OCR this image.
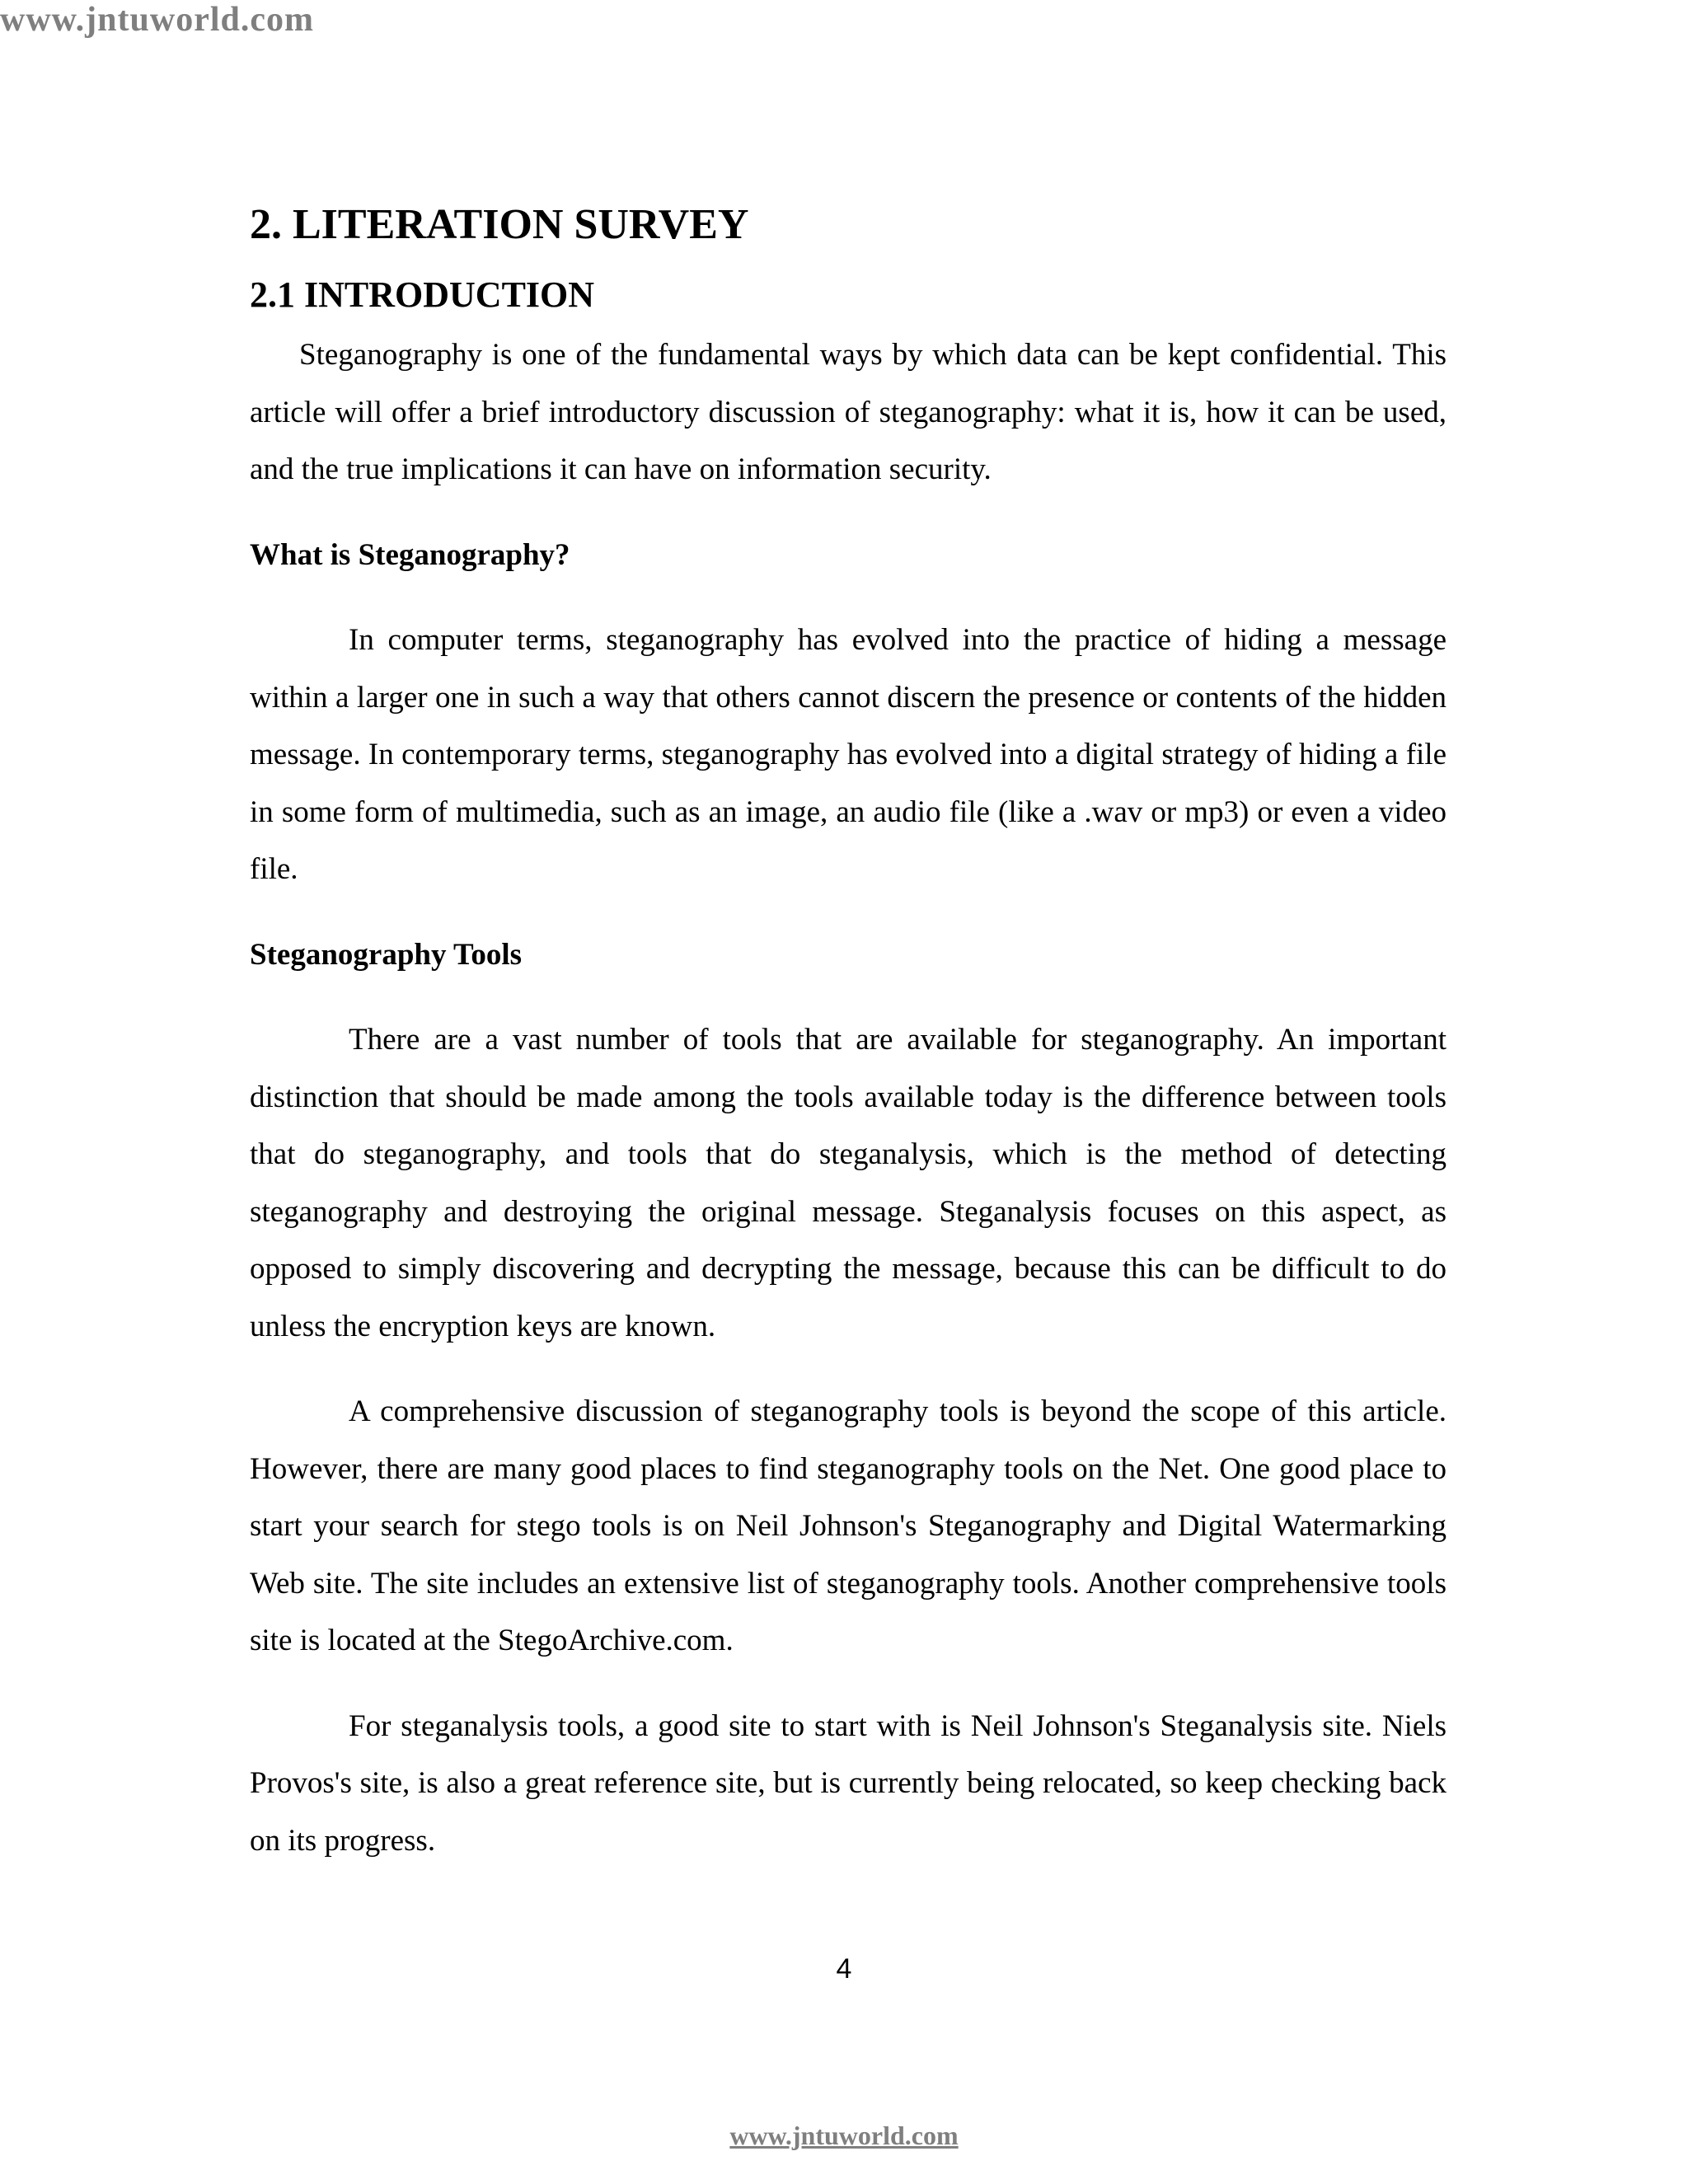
www.jntuworld.com
2. LITERATION SURVEY
2.1 INTRODUCTION

Steganography is one of the fundamental ways by which data can be kept confidential. This article will offer a brief introductory discussion of steganography: what it is, how it can be used, and the true implications it can have on information security.

What is Steganography?

In computer terms, steganography has evolved into the practice of hiding a message within a larger one in such a way that others cannot discern the presence or contents of the hidden message. In contemporary terms, steganography has evolved into a digital strategy of hiding a file in some form of multimedia, such as an image, an audio file (like a .wav or mp3) or even a video file.

Steganography Tools

There are a vast number of tools that are available for steganography. An important distinction that should be made among the tools available today is the difference between tools that do steganography, and tools that do steganalysis, which is the method of detecting steganography and destroying the original message. Steganalysis focuses on this aspect, as opposed to simply discovering and decrypting the message, because this can be difficult to do unless the encryption keys are known.

A comprehensive discussion of steganography tools is beyond the scope of this article. However, there are many good places to find steganography tools on the Net. One good place to start your search for stego tools is on Neil Johnson's Steganography and Digital Watermarking Web site. The site includes an extensive list of steganography tools. Another comprehensive tools site is located at the StegoArchive.com.

For steganalysis tools, a good site to start with is Neil Johnson's Steganalysis site. Niels Provos's site, is also a great reference site, but is currently being relocated, so keep checking back on its progress.

4
www.jntuworld.com
